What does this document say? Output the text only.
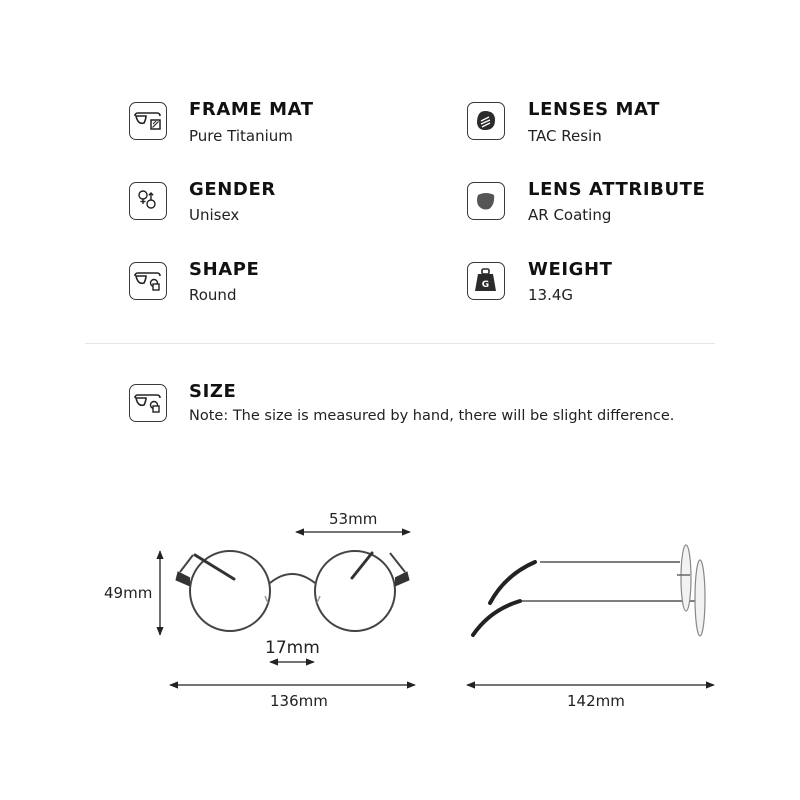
FRAME MAT
Pure Titanium
LENSES MAT
TAC Resin
GENDER
Unisex
LENS ATTRIBUTE
AR Coating
SHAPE
Round
G
WEIGHT
13.4G
SIZE
Note: The size is measured by hand, there will be slight difference.
53mm
49mm
17mm
136mm	142mm
